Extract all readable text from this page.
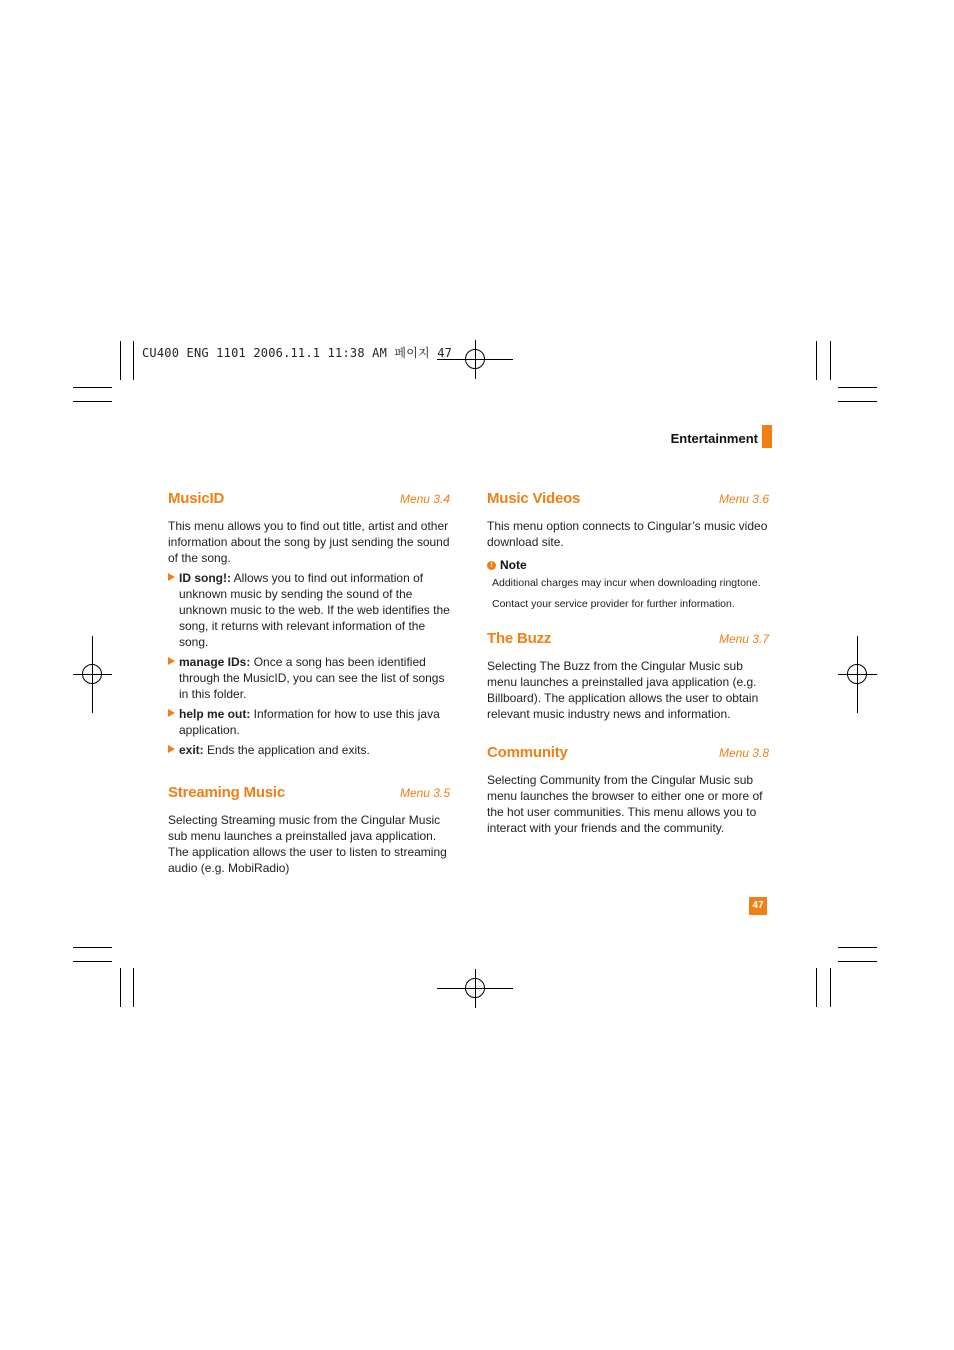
CU400 ENG 1101 2006.11.1 11:38 AM 페이지 47
Entertainment
MusicID	Menu 3.4

This menu allows you to find out title, artist and other information about the song by just sending the sound of the song.

ID song!: Allows you to find out information of unknown music by sending the sound of the unknown music to the web. If the web identifies the song, it returns with relevant information of the song.
manage IDs: Once a song has been identified through the MusicID, you can see the list of songs in this folder.
help me out: Information for how to use this java application.
exit: Ends the application and exits.
Streaming Music	Menu 3.5

Selecting Streaming music from the Cingular Music sub menu launches a preinstalled java application. The application allows the user to listen to streaming audio (e.g. MobiRadio)

Music Videos	Menu 3.6

This menu option connects to Cingular’s music video download site.

! Note

Additional charges may incur when downloading ringtone.

Contact your service provider for further information.

The Buzz	Menu 3.7

Selecting The Buzz from the Cingular Music sub menu launches a preinstalled java application (e.g. Billboard). The application allows the user to obtain relevant music industry news and information.

Community	Menu 3.8

Selecting Community from the Cingular Music sub menu launches the browser to either one or more of the hot user communities. This menu allows you to interact with your friends and the community.

47
